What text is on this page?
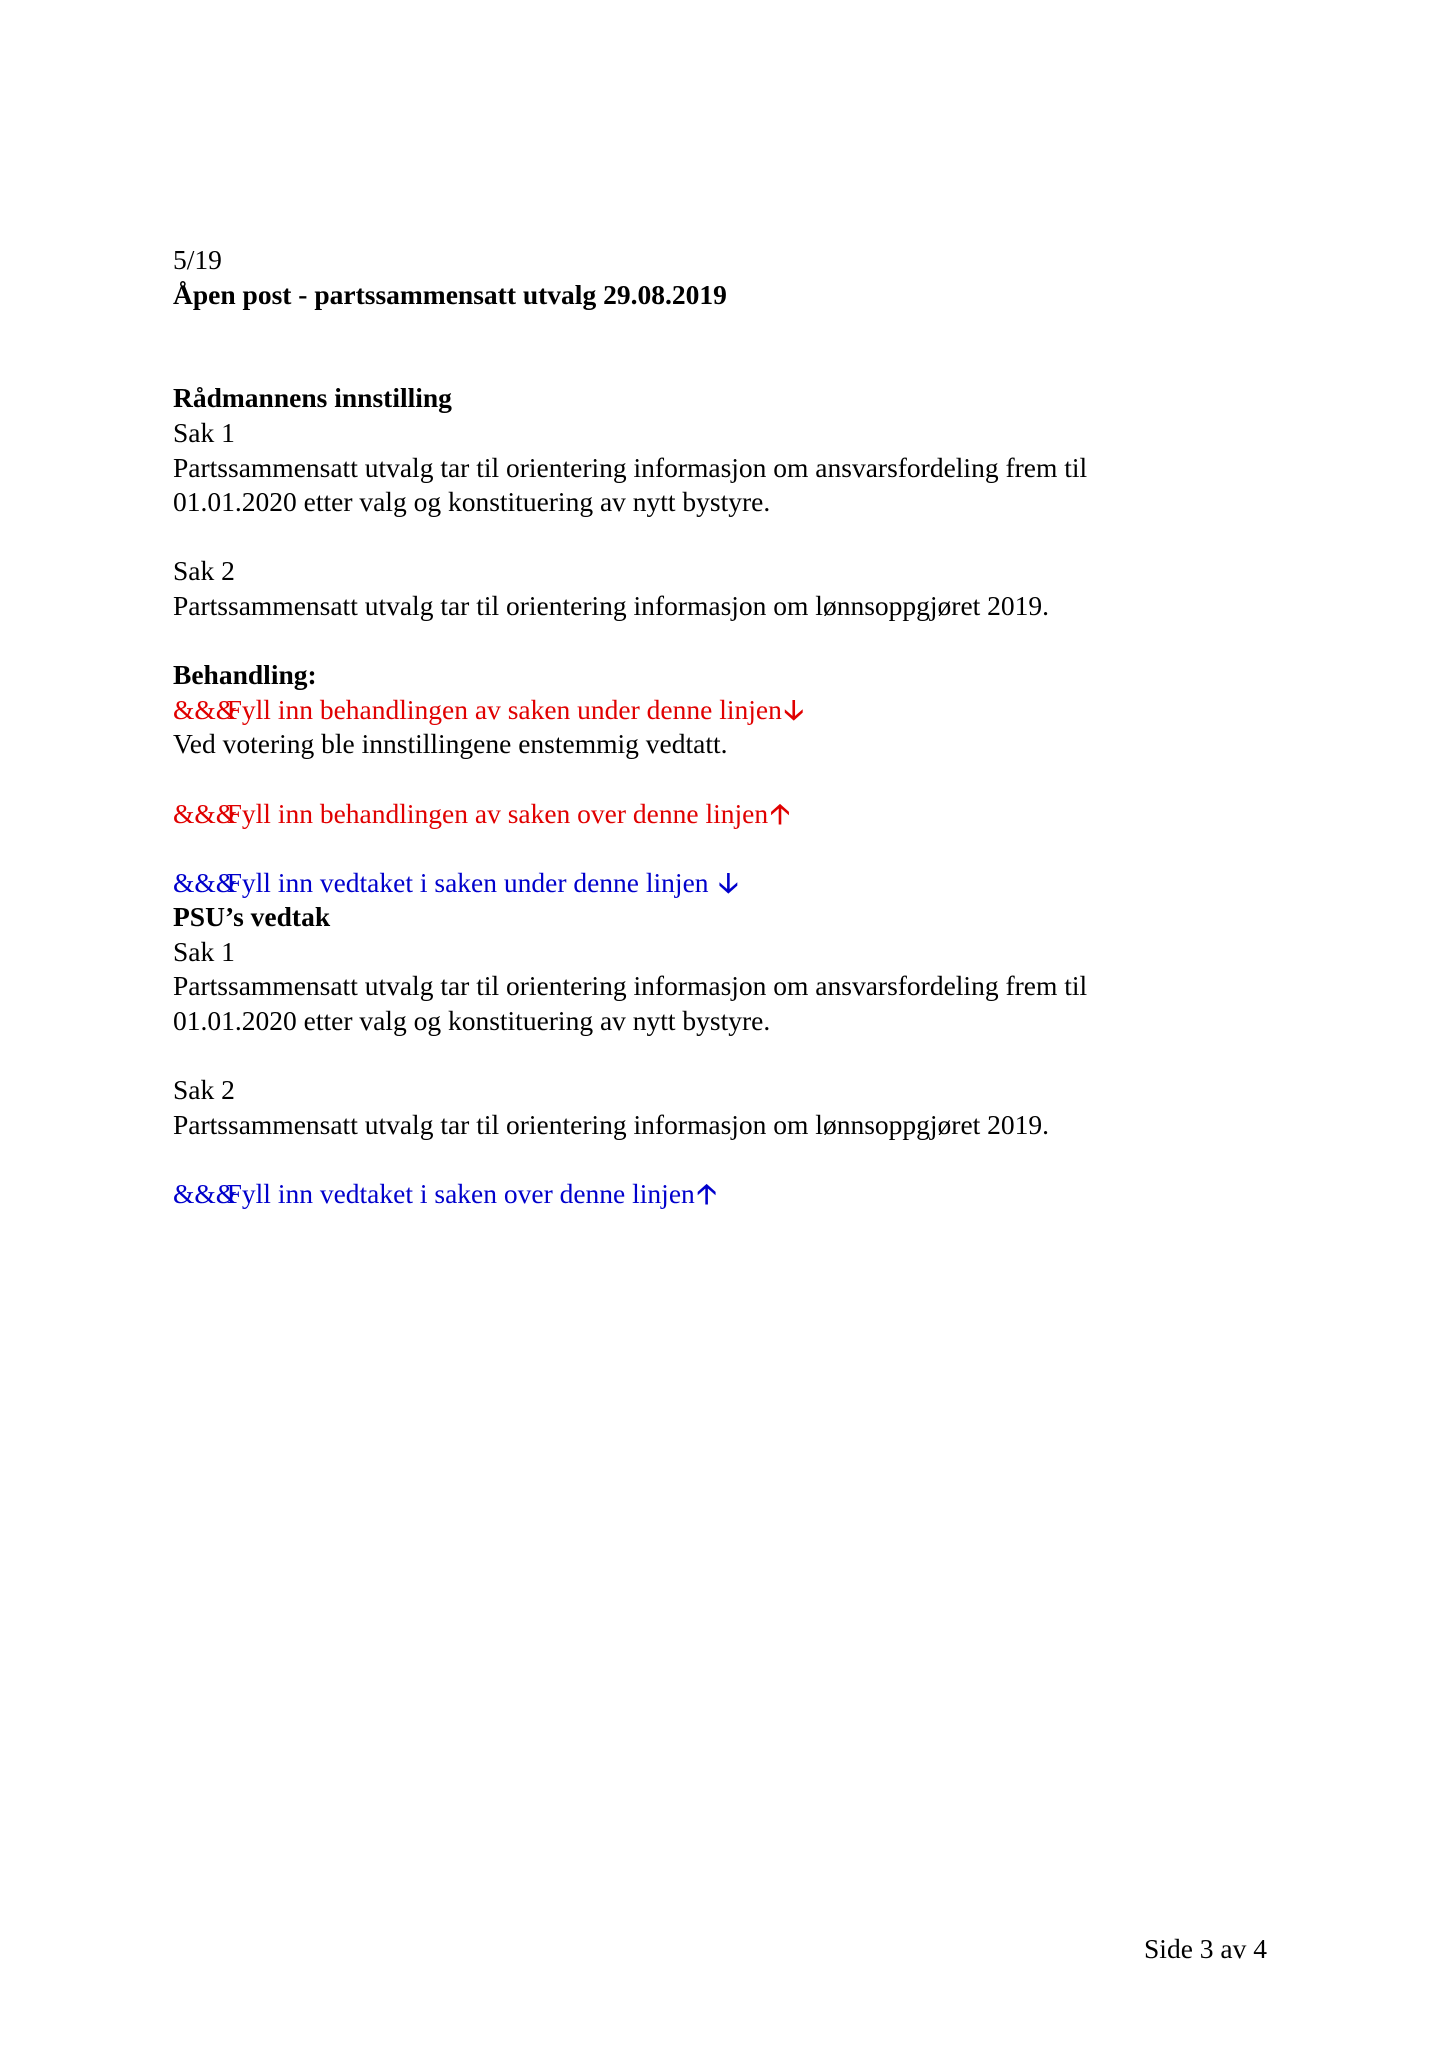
5/19
Åpen post - partssammensatt utvalg 29.08.2019
Rådmannens innstilling
Sak 1
Partssammensatt utvalg tar til orientering informasjon om ansvarsfordeling frem til
01.01.2020 etter valg og konstituering av nytt bystyre.
Sak 2
Partssammensatt utvalg tar til orientering informasjon om lønnsoppgjøret 2019.
Behandling:
&&&Fyll inn behandlingen av saken under denne linjen🡣
Ved votering ble innstillingene enstemmig vedtatt.
&&&Fyll inn behandlingen av saken over denne linjen🡡
&&&Fyll inn vedtaket i saken under denne linjen 🡣
PSU’s vedtak
Sak 1
Partssammensatt utvalg tar til orientering informasjon om ansvarsfordeling frem til
01.01.2020 etter valg og konstituering av nytt bystyre.
Sak 2
Partssammensatt utvalg tar til orientering informasjon om lønnsoppgjøret 2019.
&&&Fyll inn vedtaket i saken over denne linjen🡡
Side 3 av 4
